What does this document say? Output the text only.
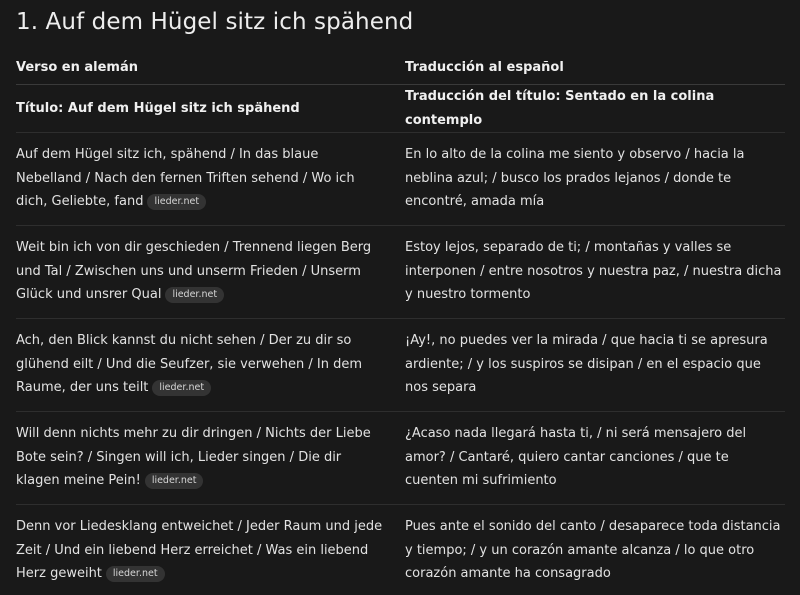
1. Auf dem Hügel sitz ich spähend
Verso en alemán	Traducción al español
Título: Auf dem Hügel sitz ich spähend	Traducción del título: Sentado en la colina contemplo
Auf dem Hügel sitz ich, spähend / In das blaue Nebelland / Nach den fernen Triften sehend / Wo ich dich, Geliebte, fand lieder.net	En lo alto de la colina me siento y observo / hacia la neblina azul; / busco los prados lejanos / donde te encontré, amada mía
Weit bin ich von dir geschieden / Trennend liegen Berg und Tal / Zwischen uns und unserm Frieden / Unserm Glück und unsrer Qual lieder.net	Estoy lejos, separado de ti; / montañas y valles se interponen / entre nosotros y nuestra paz, / nuestra dicha y nuestro tormento
Ach, den Blick kannst du nicht sehen / Der zu dir so glühend eilt / Und die Seufzer, sie verwehen / In dem Raume, der uns teilt lieder.net	¡Ay!, no puedes ver la mirada / que hacia ti se apresura ardiente; / y los suspiros se disipan / en el espacio que nos separa
Will denn nichts mehr zu dir dringen / Nichts der Liebe Bote sein? / Singen will ich, Lieder singen / Die dir klagen meine Pein! lieder.net	¿Acaso nada llegará hasta ti, / ni será mensajero del amor? / Cantaré, quiero cantar canciones / que te cuenten mi sufrimiento
Denn vor Liedesklang entweichet / Jeder Raum und jede Zeit / Und ein liebend Herz erreichet / Was ein liebend Herz geweiht lieder.net	Pues ante el sonido del canto / desaparece toda distancia y tiempo; / y un corazón amante alcanza / lo que otro corazón amante ha consagrado
